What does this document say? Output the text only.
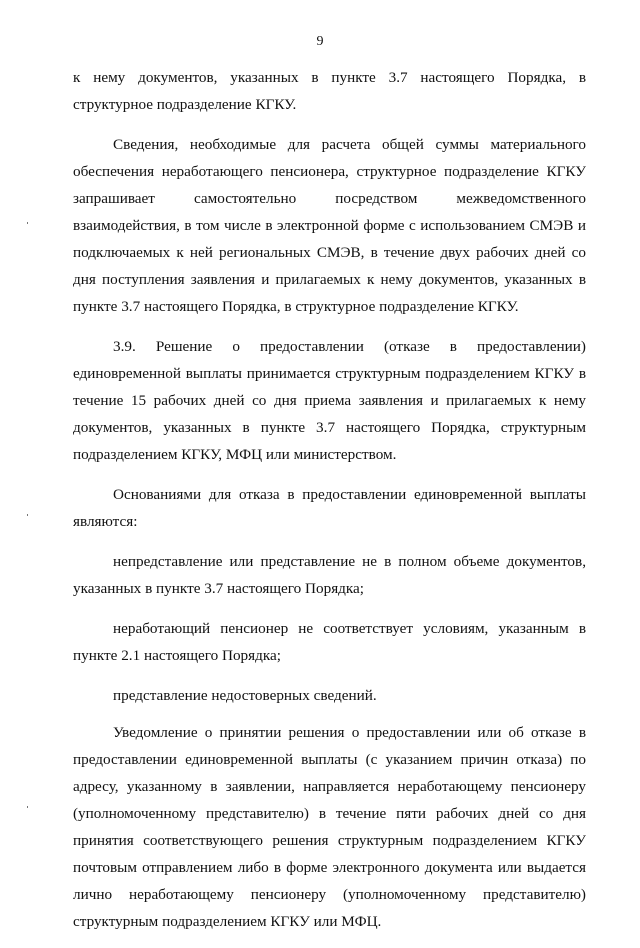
9

к нему документов, указанных в пункте 3.7 настоящего Порядка, в структурное подразделение КГКУ.

Сведения, необходимые для расчета общей суммы материального обеспечения неработающего пенсионера, структурное подразделение КГКУ запрашивает самостоятельно посредством межведомственного взаимодействия, в том числе в электронной форме с использованием СМЭВ и подключаемых к ней региональных СМЭВ, в течение двух рабочих дней со дня поступления заявления и прилагаемых к нему документов, указанных в пункте 3.7 настоящего Порядка, в структурное подразделение КГКУ.

3.9. Решение о предоставлении (отказе в предоставлении) единовременной выплаты принимается структурным подразделением КГКУ в течение 15 рабочих дней со дня приема заявления и прилагаемых к нему документов, указанных в пункте 3.7 настоящего Порядка, структурным подразделением КГКУ, МФЦ или министерством.

Основаниями для отказа в предоставлении единовременной выплаты являются:

непредставление или представление не в полном объеме документов, указанных в пункте 3.7 настоящего Порядка;

неработающий пенсионер не соответствует условиям, указанным в пункте 2.1 настоящего Порядка;

представление недостоверных сведений.

Уведомление о принятии решения о предоставлении или об отказе в предоставлении единовременной выплаты (с указанием причин отказа) по адресу, указанному в заявлении, направляется неработающему пенсионеру (уполномоченному представителю) в течение пяти рабочих дней со дня принятия соответствующего решения структурным подразделением КГКУ почтовым отправлением либо в форме электронного документа или выдается лично неработающему пенсионеру (уполномоченному представителю) структурным подразделением КГКУ или МФЦ.
